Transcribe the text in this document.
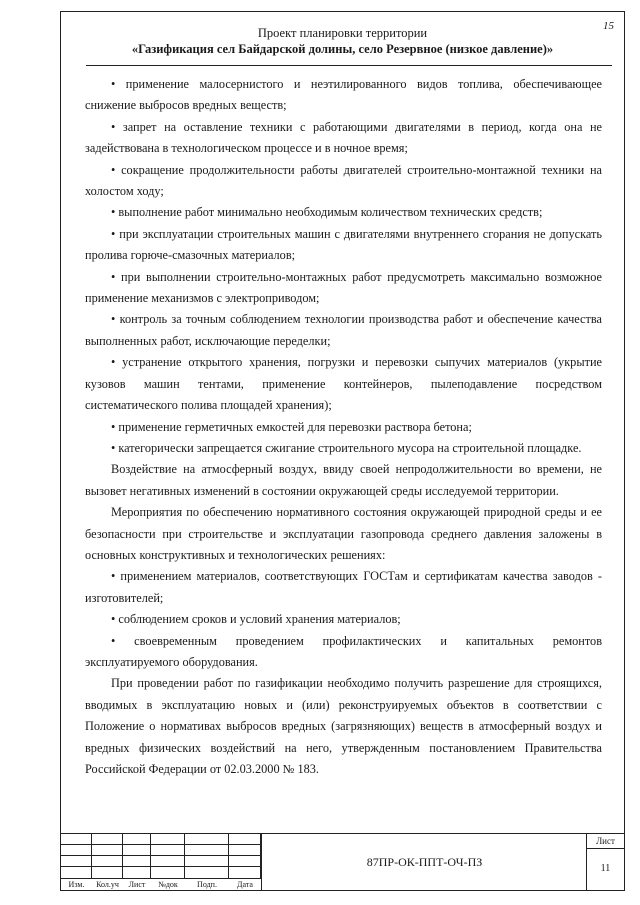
15
Проект планировки территории
«Газификация сел Байдарской долины, село Резервное (низкое давление)»

• применение малосернистого и неэтилированного видов топлива, обеспечивающее снижение выбросов вредных веществ;

• запрет на оставление техники с работающими двигателями в период, когда она не задействована в технологическом процессе и в ночное время;

• сокращение продолжительности работы двигателей строительно-монтажной техники на холостом ходу;

• выполнение работ минимально необходимым количеством технических средств;

• при эксплуатации строительных машин с двигателями внутреннего сгорания не допускать пролива горюче-смазочных материалов;

• при выполнении строительно-монтажных работ предусмотреть максимально возможное применение механизмов с электроприводом;

• контроль за точным соблюдением технологии производства работ и обеспечение качества выполненных работ, исключающие переделки;

• устранение открытого хранения, погрузки и перевозки сыпучих материалов (укрытие кузовов машин тентами, применение контейнеров, пылеподавление посредством систематического полива площадей хранения);

• применение герметичных емкостей для перевозки раствора бетона;

• категорически запрещается сжигание строительного мусора на строительной площадке.

Воздействие на атмосферный воздух, ввиду своей непродолжительности во времени, не вызовет негативных изменений в состоянии окружающей среды исследуемой территории.

Мероприятия по обеспечению нормативного состояния окружающей природной среды и ее безопасности при строительстве и эксплуатации газопровода среднего давления заложены в основных конструктивных и технологических решениях:

• применением материалов, соответствующих ГОСТам и сертификатам качества заводов - изготовителей;

• соблюдением сроков и условий хранения материалов;

• своевременным проведением профилактических и капитальных ремонтов эксплуатируемого оборудования.

При проведении работ по газификации необходимо получить разрешение для строящихся, вводимых в эксплуатацию новых и (или) реконструируемых объектов в соответствии с Положение о нормативах выбросов вредных (загрязняющих) веществ в атмосферный воздух и вредных физических воздействий на него, утвержденным постановлением Правительства Российской Федерации от 02.03.2000 № 183.

Изм.	Кол.уч	Лист	№док	Подп.	Дата
87ПР-ОК-ППТ-ОЧ-ПЗ
Лист
11
